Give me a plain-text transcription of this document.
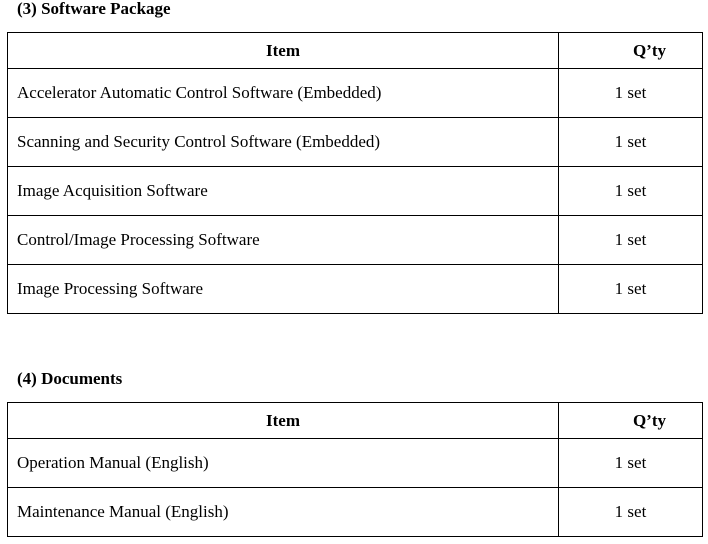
(3) Software Package
Item	Q’ty
Accelerator Automatic Control Software (Embedded)	1 set
Scanning and Security Control Software (Embedded)	1 set
Image Acquisition Software	1 set
Control/Image Processing Software	1 set
Image Processing Software	1 set
(4) Documents
Item	Q’ty
Operation Manual (English)	1 set
Maintenance Manual (English)	1 set
